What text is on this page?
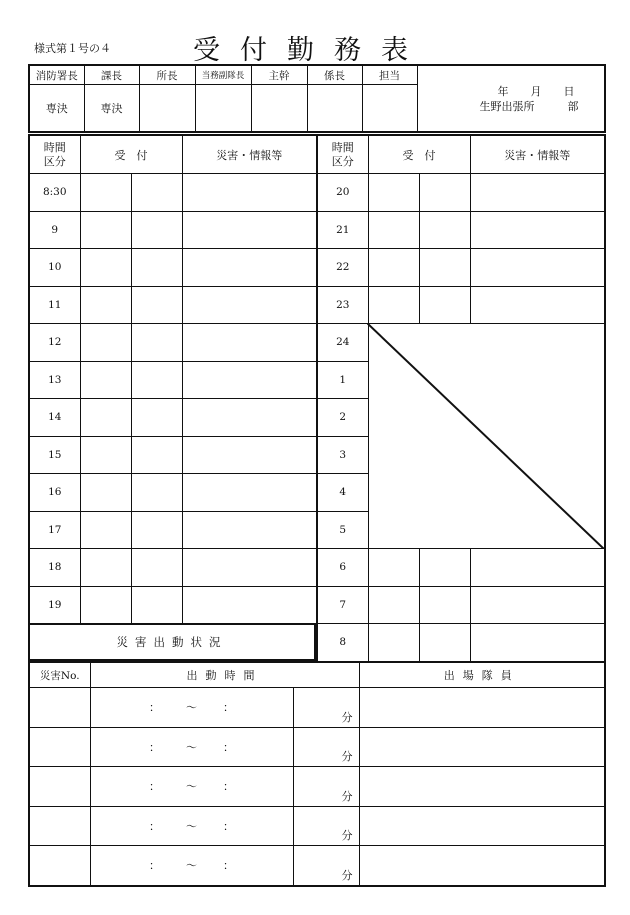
様式第１号の４	受付勤務表
消防署長	課長	所長	当務副隊長	主幹	係長	担当	年　　月　　日
生野出張所　　　部

専決	専決						
時間
区分	受　付		災害・情報等
8:30			
9			
10			
11			
12			
13			
14			
15			
16			
17			
18			
19			
災害出動状況
時間
区分	受　付		災害・情報等
20			
21			
22			
23			
24			
1			
2			
3			
4			
5			
6			
7			
8			
災害No.	出動時間		出場隊員

	： 〜 ：	分	

	： 〜 ：	分	

	： 〜 ：	分	

	： 〜 ：	分	

	： 〜 ：	分	
